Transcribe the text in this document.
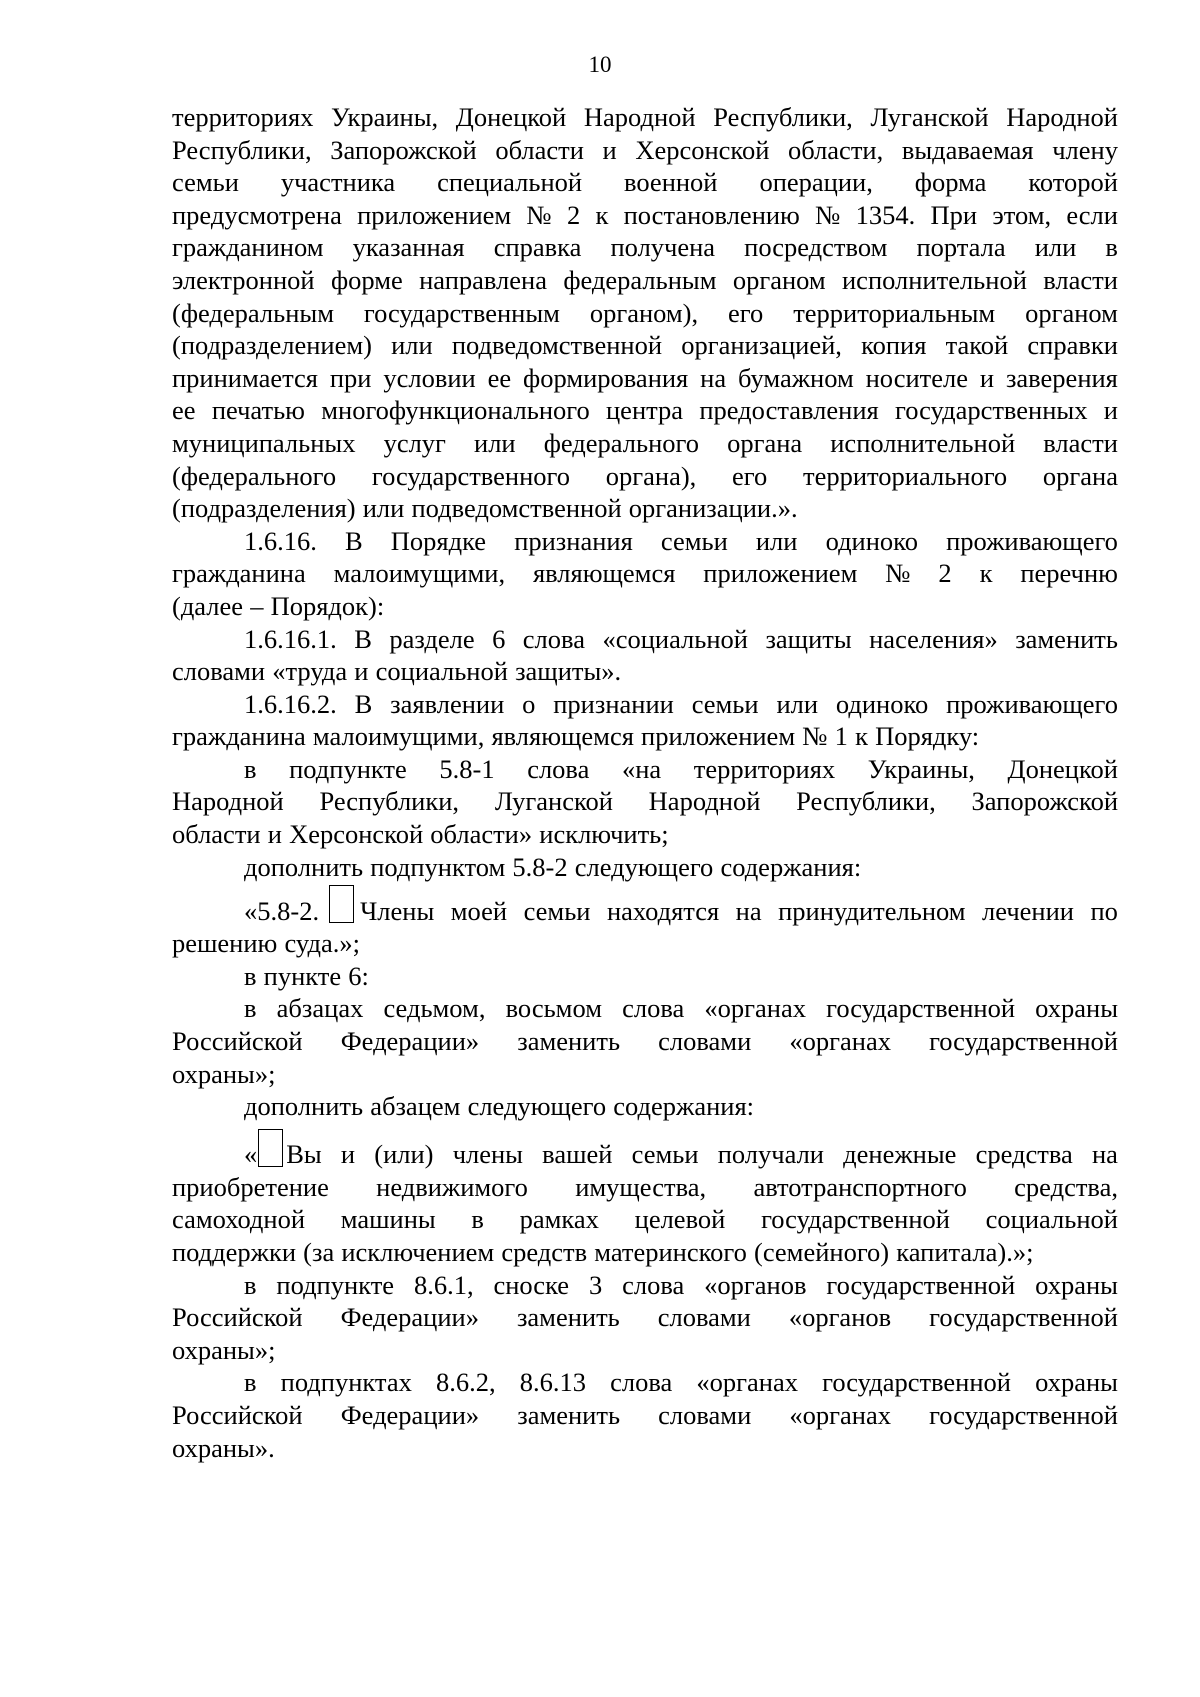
10
территориях Украины, Донецкой Народной Республики, Луганской Народной
Республики, Запорожской области и Херсонской области, выдаваемая члену
семьи участника специальной военной операции, форма которой
предусмотрена приложением № 2 к постановлению № 1354. При этом, если
гражданином указанная справка получена посредством портала или в
электронной форме направлена федеральным органом исполнительной власти
(федеральным государственным органом), его территориальным органом
(подразделением) или подведомственной организацией, копия такой справки
принимается при условии ее формирования на бумажном носителе и заверения
ее печатью многофункционального центра предоставления государственных и
муниципальных услуг или федерального органа исполнительной власти
(федерального государственного органа), его территориального органа
(подразделения) или подведомственной организации.».
1.6.16. В Порядке признания семьи или одиноко проживающего
гражданина малоимущими, являющемся приложением № 2 к перечню
(далее – Порядок):
1.6.16.1. В разделе 6 слова «социальной защиты населения» заменить
словами «труда и социальной защиты».
1.6.16.2. В заявлении о признании семьи или одиноко проживающего
гражданина малоимущими, являющемся приложением № 1 к Порядку:
в подпункте 5.8-1 слова «на территориях Украины, Донецкой
Народной Республики, Луганской Народной Республики, Запорожской
области и Херсонской области» исключить;
дополнить подпунктом 5.8-2 следующего содержания:
«5.8-2. Члены моей семьи находятся на принудительном лечении по
решению суда.»;
в пункте 6:
в абзацах седьмом, восьмом слова «органах государственной охраны
Российской Федерации» заменить словами «органах государственной
охраны»;
дополнить абзацем следующего содержания:
« Вы и (или) члены вашей семьи получали денежные средства на
приобретение недвижимого имущества, автотранспортного средства,
самоходной машины в рамках целевой государственной социальной
поддержки (за исключением средств материнского (семейного) капитала).»;
в подпункте 8.6.1, сноске 3 слова «органов государственной охраны
Российской Федерации» заменить словами «органов государственной
охраны»;
в подпунктах 8.6.2, 8.6.13 слова «органах государственной охраны
Российской Федерации» заменить словами «органах государственной
охраны».
